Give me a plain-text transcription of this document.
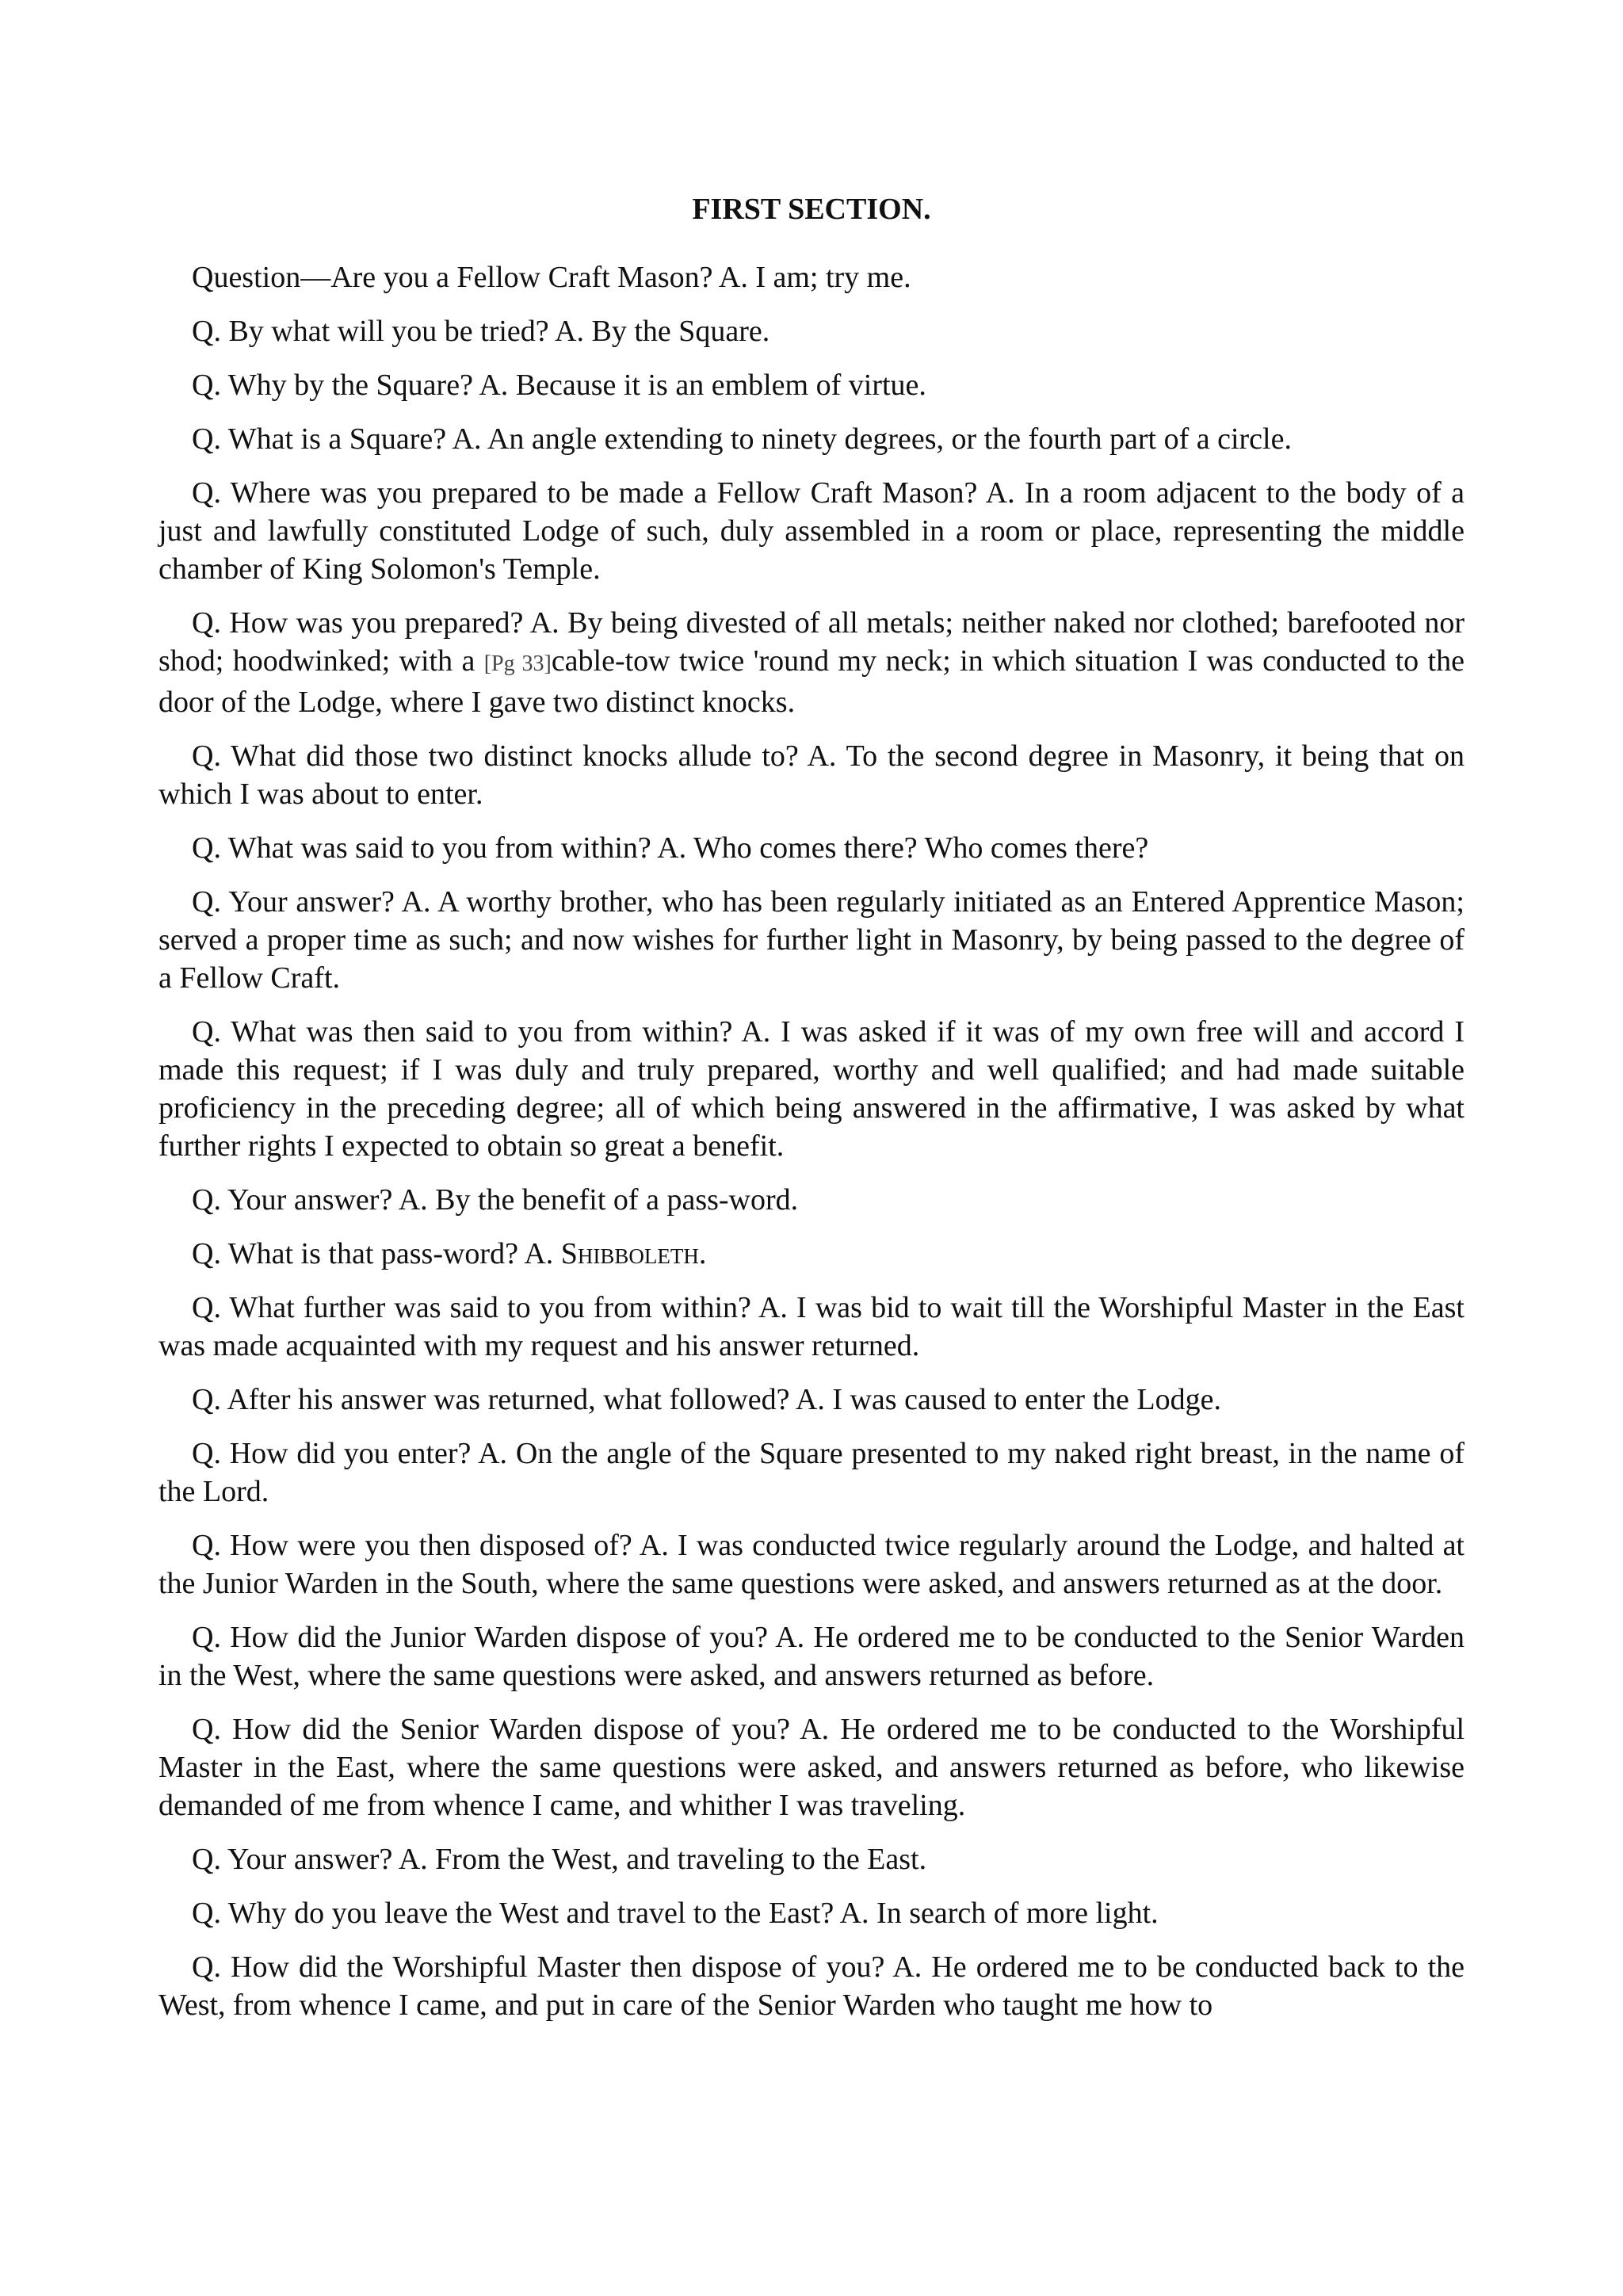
FIRST SECTION.

Question—Are you a Fellow Craft Mason? A. I am; try me.

Q. By what will you be tried? A. By the Square.

Q. Why by the Square? A. Because it is an emblem of virtue.

Q. What is a Square? A. An angle extending to ninety degrees, or the fourth part of a circle.

Q. Where was you prepared to be made a Fellow Craft Mason? A. In a room adjacent to the body of a just and lawfully constituted Lodge of such, duly assembled in a room or place, representing the middle chamber of King Solomon's Temple.

Q. How was you prepared? A. By being divested of all metals; neither naked nor clothed; barefooted nor shod; hoodwinked; with a [Pg 33]cable-tow twice 'round my neck; in which situation I was conducted to the door of the Lodge, where I gave two distinct knocks.

Q. What did those two distinct knocks allude to? A. To the second degree in Masonry, it being that on which I was about to enter.

Q. What was said to you from within? A. Who comes there? Who comes there?

Q. Your answer? A. A worthy brother, who has been regularly initiated as an Entered Apprentice Mason; served a proper time as such; and now wishes for further light in Masonry, by being passed to the degree of a Fellow Craft.

Q. What was then said to you from within? A. I was asked if it was of my own free will and accord I made this request; if I was duly and truly prepared, worthy and well qualified; and had made suitable proficiency in the preceding degree; all of which being answered in the affirmative, I was asked by what further rights I expected to obtain so great a benefit.

Q. Your answer? A. By the benefit of a pass-word.

Q. What is that pass-word? A. Shibboleth.

Q. What further was said to you from within? A. I was bid to wait till the Worshipful Master in the East was made acquainted with my request and his answer returned.

Q. After his answer was returned, what followed? A. I was caused to enter the Lodge.

Q. How did you enter? A. On the angle of the Square presented to my naked right breast, in the name of the Lord.

Q. How were you then disposed of? A. I was conducted twice regularly around the Lodge, and halted at the Junior Warden in the South, where the same questions were asked, and answers returned as at the door.

Q. How did the Junior Warden dispose of you? A. He ordered me to be conducted to the Senior Warden in the West, where the same questions were asked, and answers returned as before.

Q. How did the Senior Warden dispose of you? A. He ordered me to be conducted to the Worshipful Master in the East, where the same questions were asked, and answers returned as before, who likewise demanded of me from whence I came, and whither I was traveling.

Q. Your answer? A. From the West, and traveling to the East.

Q. Why do you leave the West and travel to the East? A. In search of more light.

Q. How did the Worshipful Master then dispose of you? A. He ordered me to be conducted back to the West, from whence I came, and put in care of the Senior Warden who taught me how to
